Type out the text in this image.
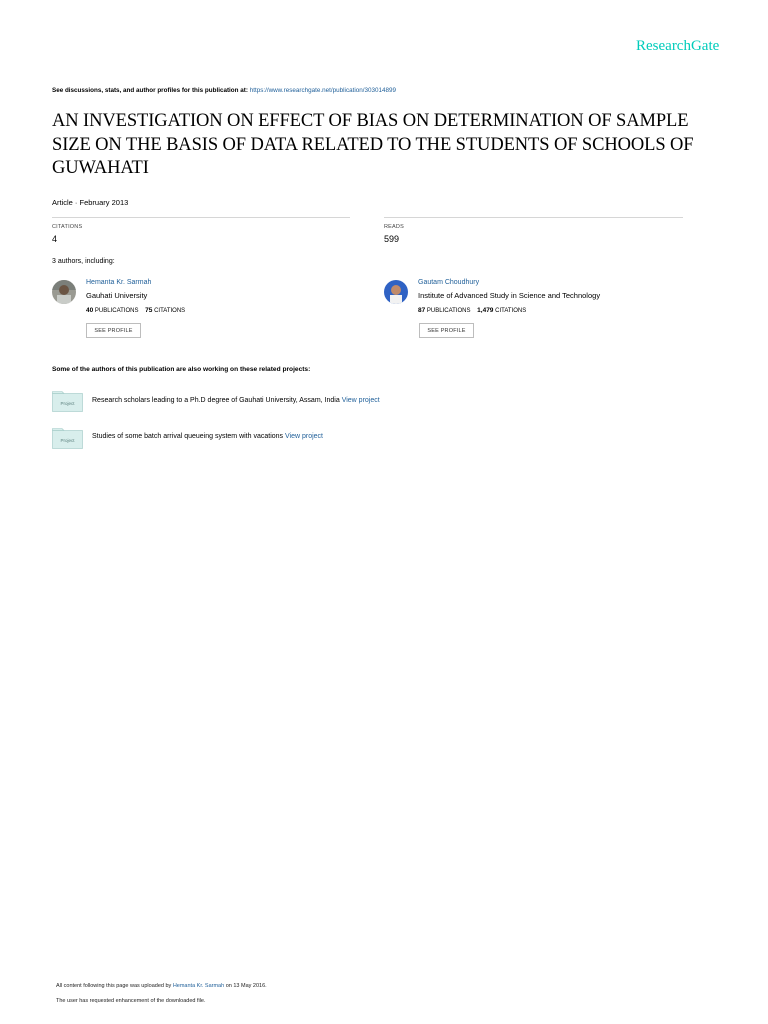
ResearchGate
See discussions, stats, and author profiles for this publication at: https://www.researchgate.net/publication/303014899
AN INVESTIGATION ON EFFECT OF BIAS ON DETERMINATION OF SAMPLE SIZE ON THE BASIS OF DATA RELATED TO THE STUDENTS OF SCHOOLS OF GUWAHATI
Article · February 2013
CITATIONS
4
READS
599
3 authors, including:
Hemanta Kr. Sarmah
Gauhati University
40 PUBLICATIONS 75 CITATIONS
SEE PROFILE
Gautam Choudhury
Institute of Advanced Study in Science and Technology
87 PUBLICATIONS 1,479 CITATIONS
SEE PROFILE
Some of the authors of this publication are also working on these related projects:
Project Research scholars leading to a Ph.D degree of Gauhati University, Assam, India View project
Project
Studies of some batch arrival queueing system with vacations View project
All content following this page was uploaded by Hemanta Kr. Sarmah on 13 May 2016.
The user has requested enhancement of the downloaded file.
